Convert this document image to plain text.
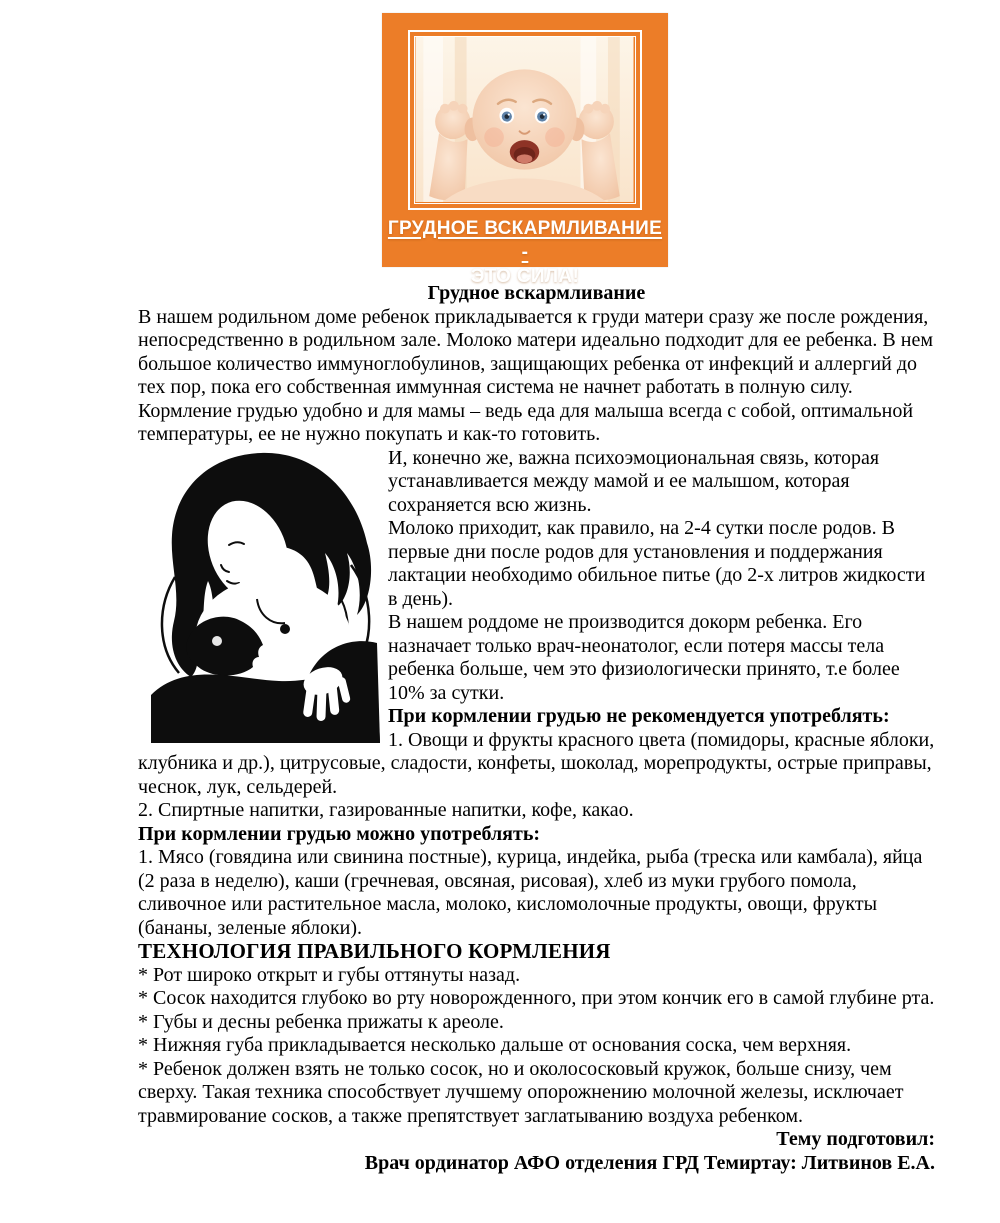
ГРУДНОЕ ВСКАРМЛИВАНИЕ -
ЭТО СИЛА!
Грудное вскармливание

В нашем родильном доме ребенок прикладывается к груди матери сразу же после рождения, непосредственно в родильном зале. Молоко матери идеально подходит для ее ребенка. В нем большое количество иммуноглобулинов, защищающих ребенка от инфекций и аллергий до тех пор, пока его собственная иммунная система не начнет работать в полную силу.

Кормление грудью удобно и для мамы – ведь еда для малыша всегда с собой, оптимальной температуры, ее не нужно покупать и как-то готовить.

И, конечно же, важна психоэмоциональная связь, которая устанавливается между мамой и ее малышом, которая сохраняется всю жизнь.

Молоко приходит, как правило, на 2-4 сутки после родов. В первые дни после родов для установления и поддержания лактации необходимо обильное питье (до 2-х литров жидкости в день).

В нашем роддоме не производится докорм ребенка. Его назначает только врач-неонатолог, если потеря массы тела ребенка больше, чем это физиологически принято, т.е более 10% за сутки.

При кормлении грудью не рекомендуется употреблять:

1. Овощи и фрукты красного цвета (помидоры, красные яблоки, клубника и др.), цитрусовые, сладости, конфеты, шоколад, морепродукты, острые приправы, чеснок, лук, сельдерей.

2. Спиртные напитки, газированные напитки, кофе, какао.

При кормлении грудью можно употреблять:

1. Мясо (говядина или свинина постные), курица, индейка, рыба (треска или камбала), яйца (2 раза в неделю), каши (гречневая, овсяная, рисовая), хлеб из муки грубого помола, сливочное или растительное масла, молоко, кисломолочные продукты, овощи, фрукты (бананы, зеленые яблоки).

ТЕХНОЛОГИЯ ПРАВИЛЬНОГО КОРМЛЕНИЯ

* Рот широко открыт и губы оттянуты назад.

* Сосок находится глубоко во рту новорожденного, при этом кончик его в самой глубине рта.

* Губы и десны ребенка прижаты к ареоле.

* Нижняя губа прикладывается несколько дальше от основания соска, чем верхняя.

* Ребенок должен взять не только сосок, но и околососковый кружок, больше снизу, чем сверху. Такая техника способствует лучшему опорожнению молочной железы, исключает травмирование сосков, а также препятствует заглатыванию воздуха ребенком.

Тему подготовил:

Врач ординатор АФО отделения ГРД Темиртау: Литвинов Е.А.
